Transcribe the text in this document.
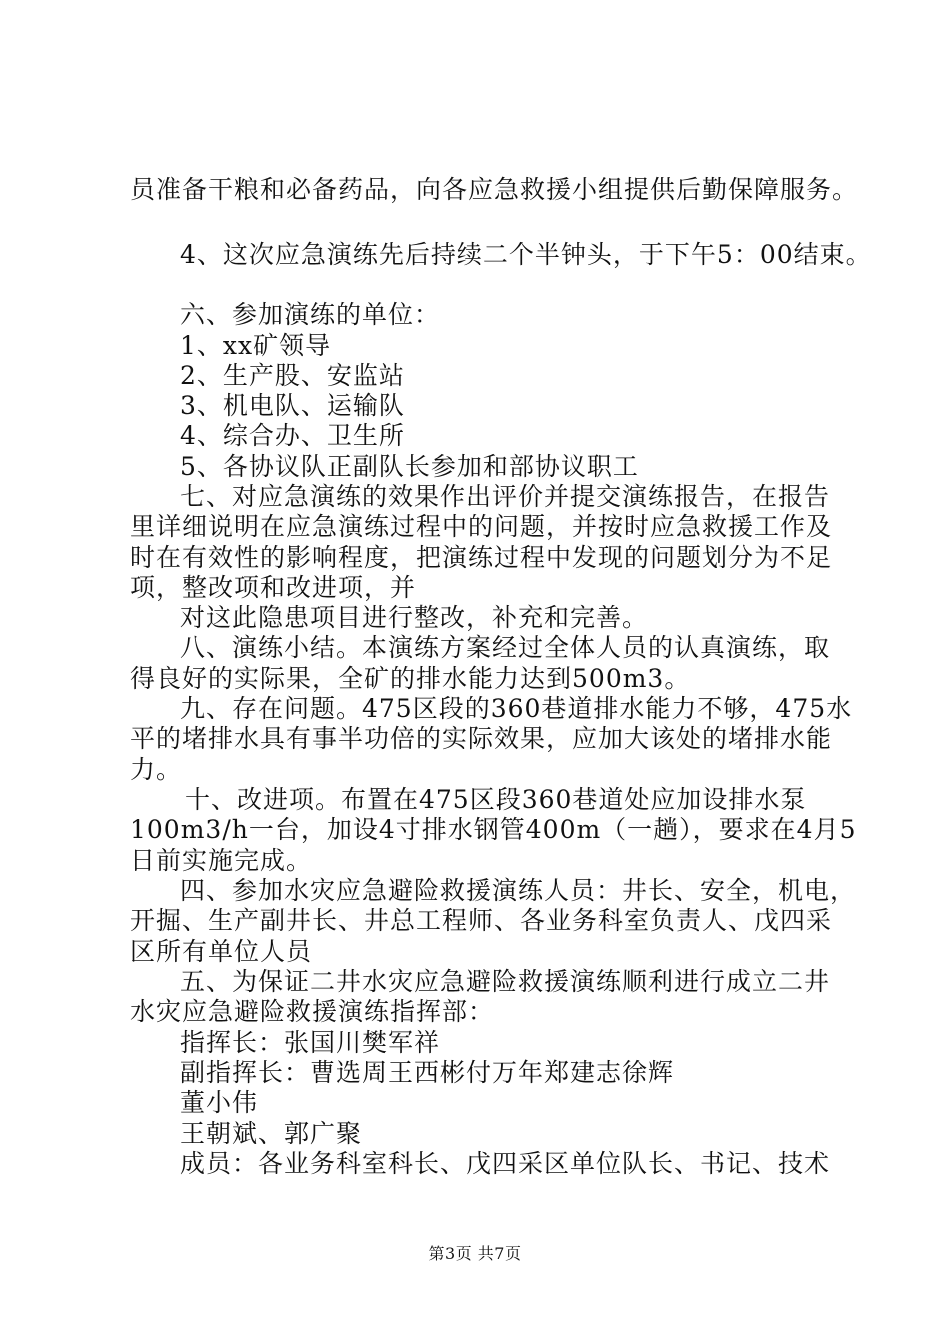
员准备干粮和必备药品，向各应急救援小组提供后勤保障服务。
4、这次应急演练先后持续二个半钟头，于下午5：00结束。
六、参加演练的单位：
1、xx矿领导
2、生产股、安监站
3、机电队、运输队
4、综合办、卫生所
5、各协议队正副队长参加和部协议职工
七、对应急演练的效果作出评价并提交演练报告，在报告
里详细说明在应急演练过程中的问题，并按时应急救援工作及
时在有效性的影响程度，把演练过程中发现的问题划分为不足
项，整改项和改进项，并
对这此隐患项目进行整改，补充和完善。
八、演练小结。本演练方案经过全体人员的认真演练，取
得良好的实际果，全矿的排水能力达到500m3。
九、存在问题。475区段的360巷道排水能力不够，475水
平的堵排水具有事半功倍的实际效果，应加大该处的堵排水能
力。
十、改进项。布置在475区段360巷道处应加设排水泵
100m3/h一台，加设4寸排水钢管400m（一趟），要求在4月5
日前实施完成。
四、参加水灾应急避险救援演练人员：井长、安全，机电，
开掘、生产副井长、井总工程师、各业务科室负责人、戊四采
区所有单位人员
五、为保证二井水灾应急避险救援演练顺利进行成立二井
水灾应急避险救援演练指挥部：
指挥长：张国川樊军祥
副指挥长：曹选周王西彬付万年郑建志徐辉
董小伟
王朝斌、郭广聚
成员：各业务科室科长、戊四采区单位队长、书记、技术
第3页 共7页
